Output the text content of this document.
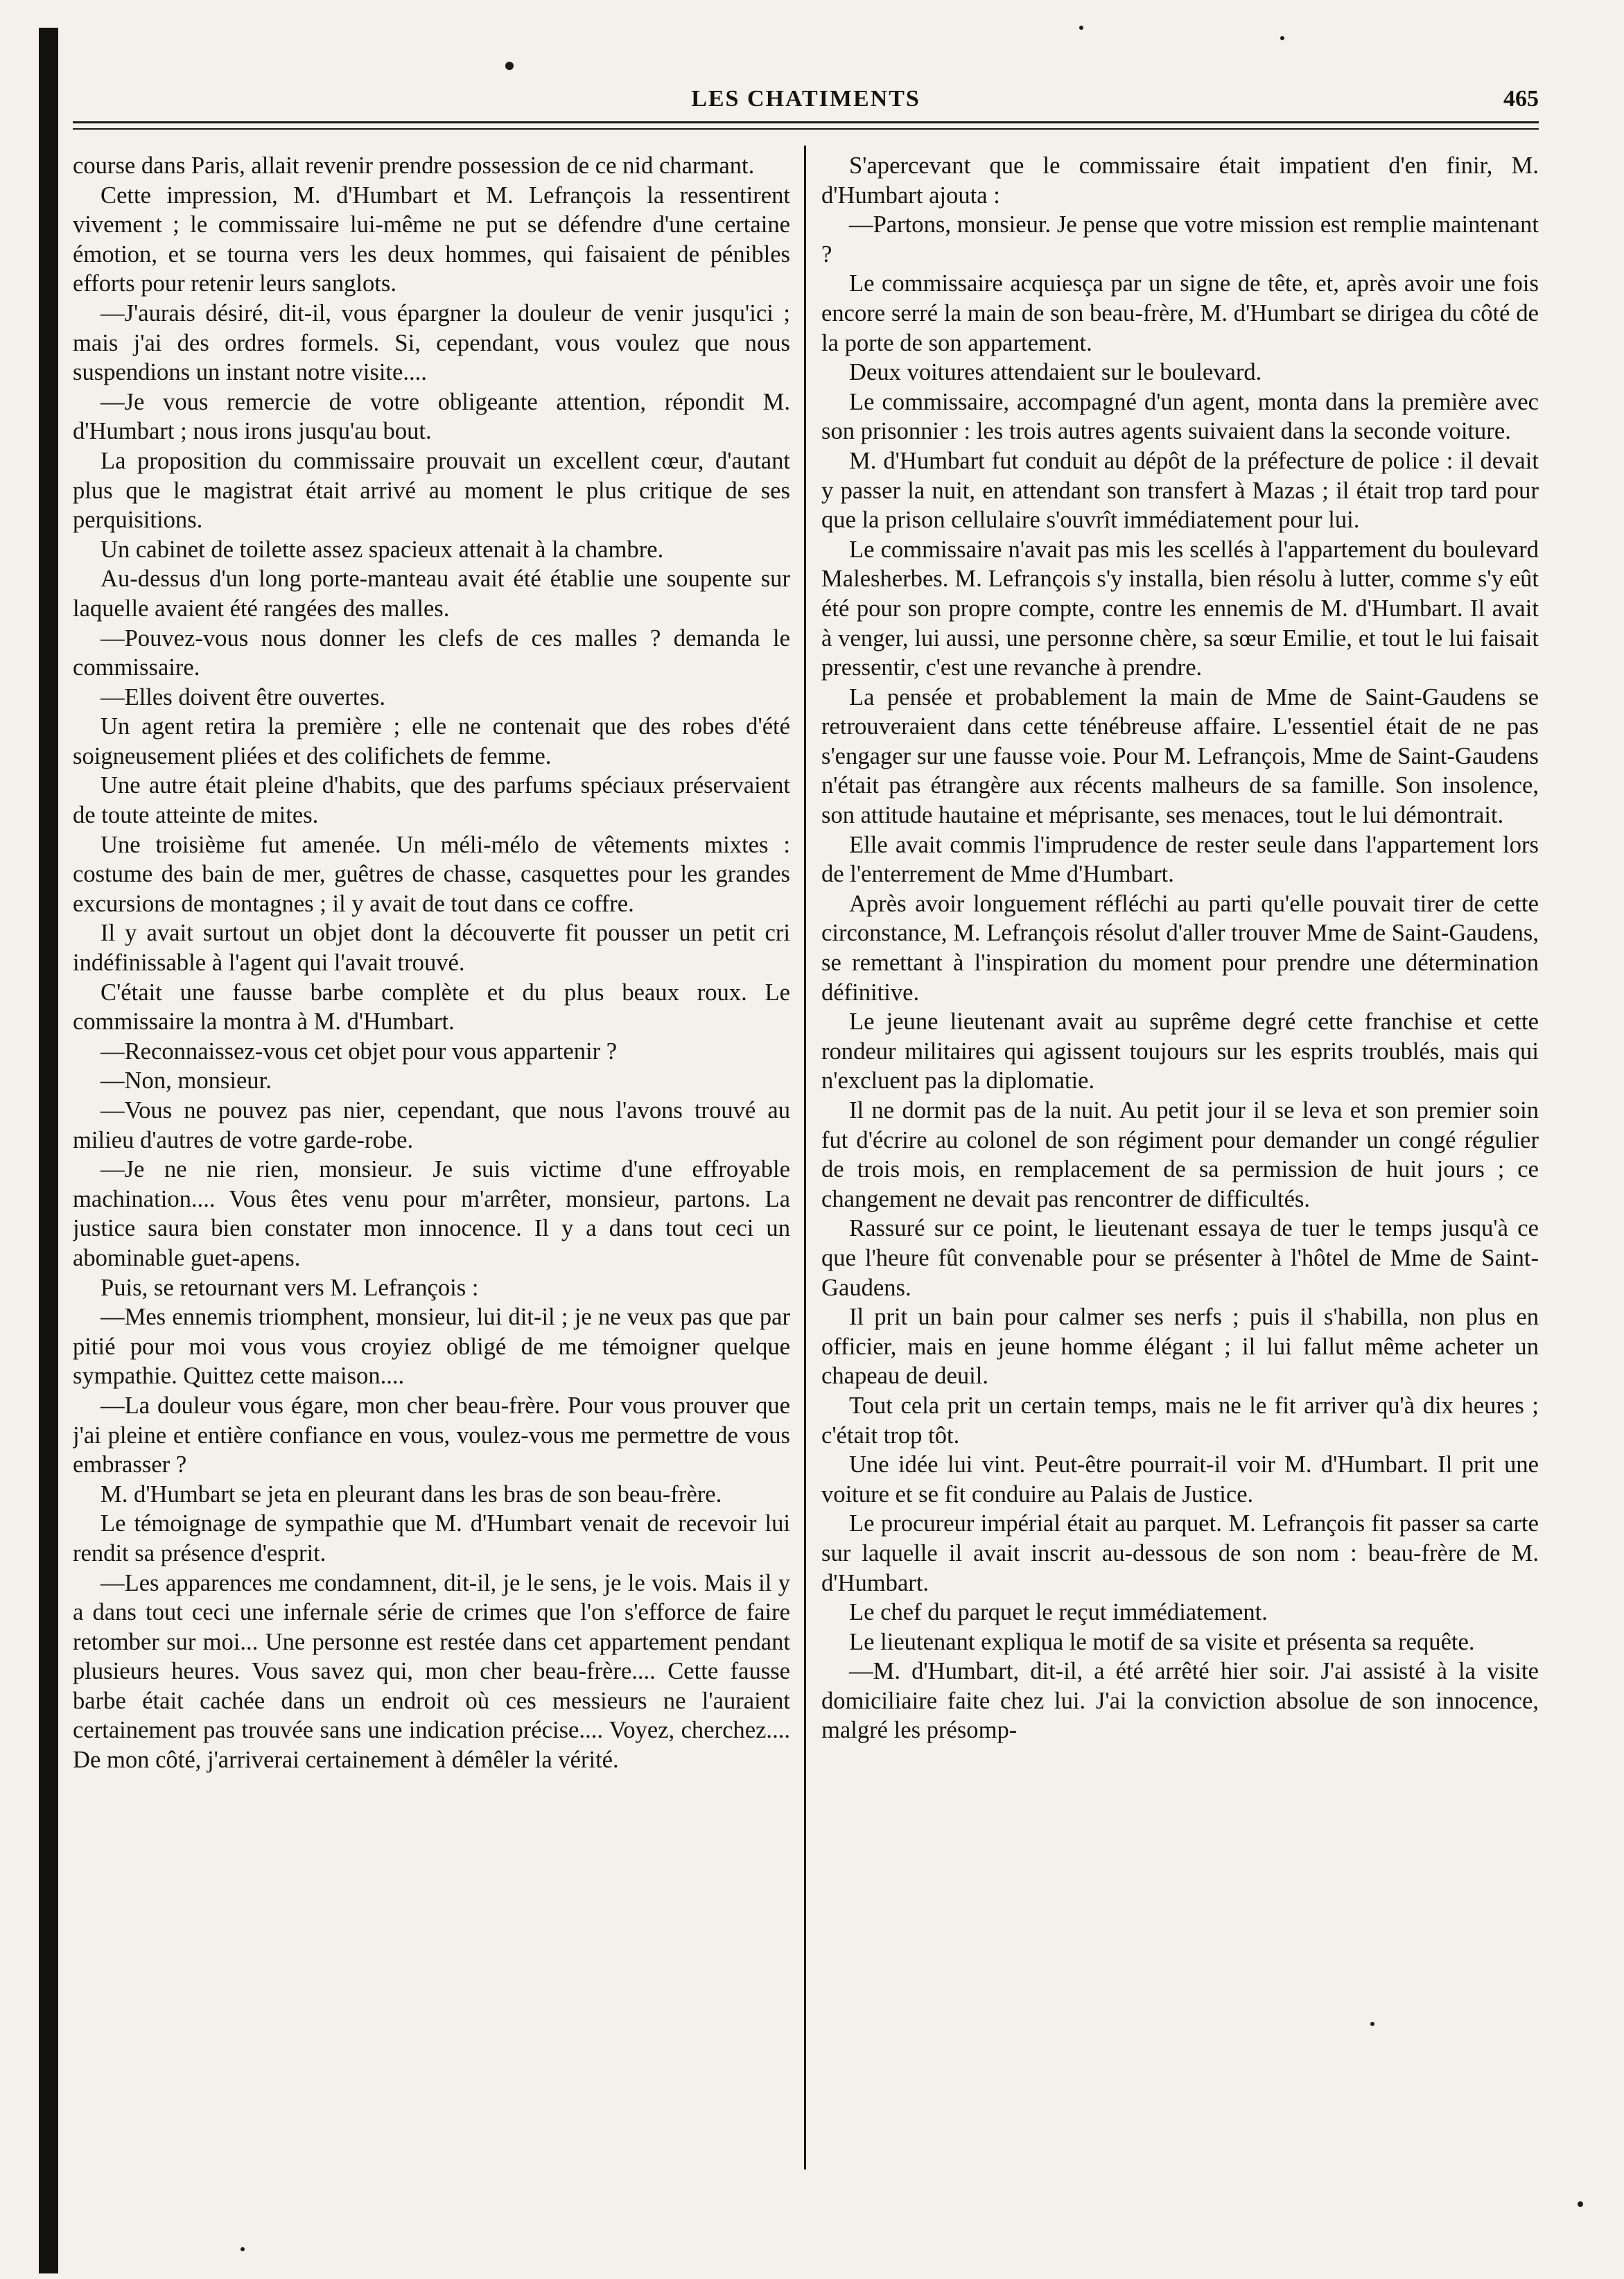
LES CHATIMENTS	465

course dans Paris, allait revenir prendre possession de ce nid charmant.

Cette impression, M. d'Humbart et M. Lefrançois la ressentirent vivement ; le commissaire lui-même ne put se défendre d'une certaine émotion, et se tourna vers les deux hommes, qui faisaient de pénibles efforts pour retenir leurs sanglots.

—J'aurais désiré, dit-il, vous épargner la douleur de venir jusqu'ici ; mais j'ai des ordres formels. Si, cependant, vous voulez que nous suspendions un instant notre visite....

—Je vous remercie de votre obligeante attention, répondit M. d'Humbart ; nous irons jusqu'au bout.

La proposition du commissaire prouvait un excellent cœur, d'autant plus que le magistrat était arrivé au moment le plus critique de ses perquisitions.

Un cabinet de toilette assez spacieux attenait à la chambre.

Au-dessus d'un long porte-manteau avait été établie une soupente sur laquelle avaient été rangées des malles.

—Pouvez-vous nous donner les clefs de ces malles ? demanda le commissaire.

—Elles doivent être ouvertes.

Un agent retira la première ; elle ne contenait que des robes d'été soigneusement pliées et des colifichets de femme.

Une autre était pleine d'habits, que des parfums spéciaux préservaient de toute atteinte de mites.

Une troisième fut amenée. Un méli-mélo de vêtements mixtes : costume des bain de mer, guêtres de chasse, casquettes pour les grandes excursions de montagnes ; il y avait de tout dans ce coffre.

Il y avait surtout un objet dont la découverte fit pousser un petit cri indéfinissable à l'agent qui l'avait trouvé.

C'était une fausse barbe complète et du plus beaux roux. Le commissaire la montra à M. d'Humbart.

—Reconnaissez-vous cet objet pour vous appartenir ?

—Non, monsieur.

—Vous ne pouvez pas nier, cependant, que nous l'avons trouvé au milieu d'autres de votre garde-robe.

—Je ne nie rien, monsieur. Je suis victime d'une effroyable machination.... Vous êtes venu pour m'arrêter, monsieur, partons. La justice saura bien constater mon innocence. Il y a dans tout ceci un abominable guet-apens.

Puis, se retournant vers M. Lefrançois :

—Mes ennemis triomphent, monsieur, lui dit-il ; je ne veux pas que par pitié pour moi vous vous croyiez obligé de me témoigner quelque sympathie. Quittez cette maison....

—La douleur vous égare, mon cher beau-frère. Pour vous prouver que j'ai pleine et entière confiance en vous, voulez-vous me permettre de vous embrasser ?

M. d'Humbart se jeta en pleurant dans les bras de son beau-frère.

Le témoignage de sympathie que M. d'Humbart venait de recevoir lui rendit sa présence d'esprit.

—Les apparences me condamnent, dit-il, je le sens, je le vois. Mais il y a dans tout ceci une infernale série de crimes que l'on s'efforce de faire retomber sur moi... Une personne est restée dans cet appartement pendant plusieurs heures. Vous savez qui, mon cher beau-frère.... Cette fausse barbe était cachée dans un endroit où ces messieurs ne l'auraient certainement pas trouvée sans une indication précise.... Voyez, cherchez.... De mon côté, j'arriverai certainement à démêler la vérité.

S'apercevant que le commissaire était impatient d'en finir, M. d'Humbart ajouta :

—Partons, monsieur. Je pense que votre mission est remplie maintenant ?

Le commissaire acquiesça par un signe de tête, et, après avoir une fois encore serré la main de son beau-frère, M. d'Humbart se dirigea du côté de la porte de son appartement.

Deux voitures attendaient sur le boulevard.

Le commissaire, accompagné d'un agent, monta dans la première avec son prisonnier : les trois autres agents suivaient dans la seconde voiture.

M. d'Humbart fut conduit au dépôt de la préfecture de police : il devait y passer la nuit, en attendant son transfert à Mazas ; il était trop tard pour que la prison cellulaire s'ouvrît immédiatement pour lui.

Le commissaire n'avait pas mis les scellés à l'appartement du boulevard Malesherbes. M. Lefrançois s'y installa, bien résolu à lutter, comme s'y eût été pour son propre compte, contre les ennemis de M. d'Humbart. Il avait à venger, lui aussi, une personne chère, sa sœur Emilie, et tout le lui faisait pressentir, c'est une revanche à prendre.

La pensée et probablement la main de Mme de Saint-Gaudens se retrouveraient dans cette ténébreuse affaire. L'essentiel était de ne pas s'engager sur une fausse voie. Pour M. Lefrançois, Mme de Saint-Gaudens n'était pas étrangère aux récents malheurs de sa famille. Son insolence, son attitude hautaine et méprisante, ses menaces, tout le lui démontrait.

Elle avait commis l'imprudence de rester seule dans l'appartement lors de l'enterrement de Mme d'Humbart.

Après avoir longuement réfléchi au parti qu'elle pouvait tirer de cette circonstance, M. Lefrançois résolut d'aller trouver Mme de Saint-Gaudens, se remettant à l'inspiration du moment pour prendre une détermination définitive.

Le jeune lieutenant avait au suprême degré cette franchise et cette rondeur militaires qui agissent toujours sur les esprits troublés, mais qui n'excluent pas la diplomatie.

Il ne dormit pas de la nuit. Au petit jour il se leva et son premier soin fut d'écrire au colonel de son régiment pour demander un congé régulier de trois mois, en remplacement de sa permission de huit jours ; ce changement ne devait pas rencontrer de difficultés.

Rassuré sur ce point, le lieutenant essaya de tuer le temps jusqu'à ce que l'heure fût convenable pour se présenter à l'hôtel de Mme de Saint-Gaudens.

Il prit un bain pour calmer ses nerfs ; puis il s'habilla, non plus en officier, mais en jeune homme élégant ; il lui fallut même acheter un chapeau de deuil.

Tout cela prit un certain temps, mais ne le fit arriver qu'à dix heures ; c'était trop tôt.

Une idée lui vint. Peut-être pourrait-il voir M. d'Humbart. Il prit une voiture et se fit conduire au Palais de Justice.

Le procureur impérial était au parquet. M. Lefrançois fit passer sa carte sur laquelle il avait inscrit au-dessous de son nom : beau-frère de M. d'Humbart.

Le chef du parquet le reçut immédiatement.

Le lieutenant expliqua le motif de sa visite et présenta sa requête.

—M. d'Humbart, dit-il, a été arrêté hier soir. J'ai assisté à la visite domiciliaire faite chez lui. J'ai la conviction absolue de son innocence, malgré les présomp-
